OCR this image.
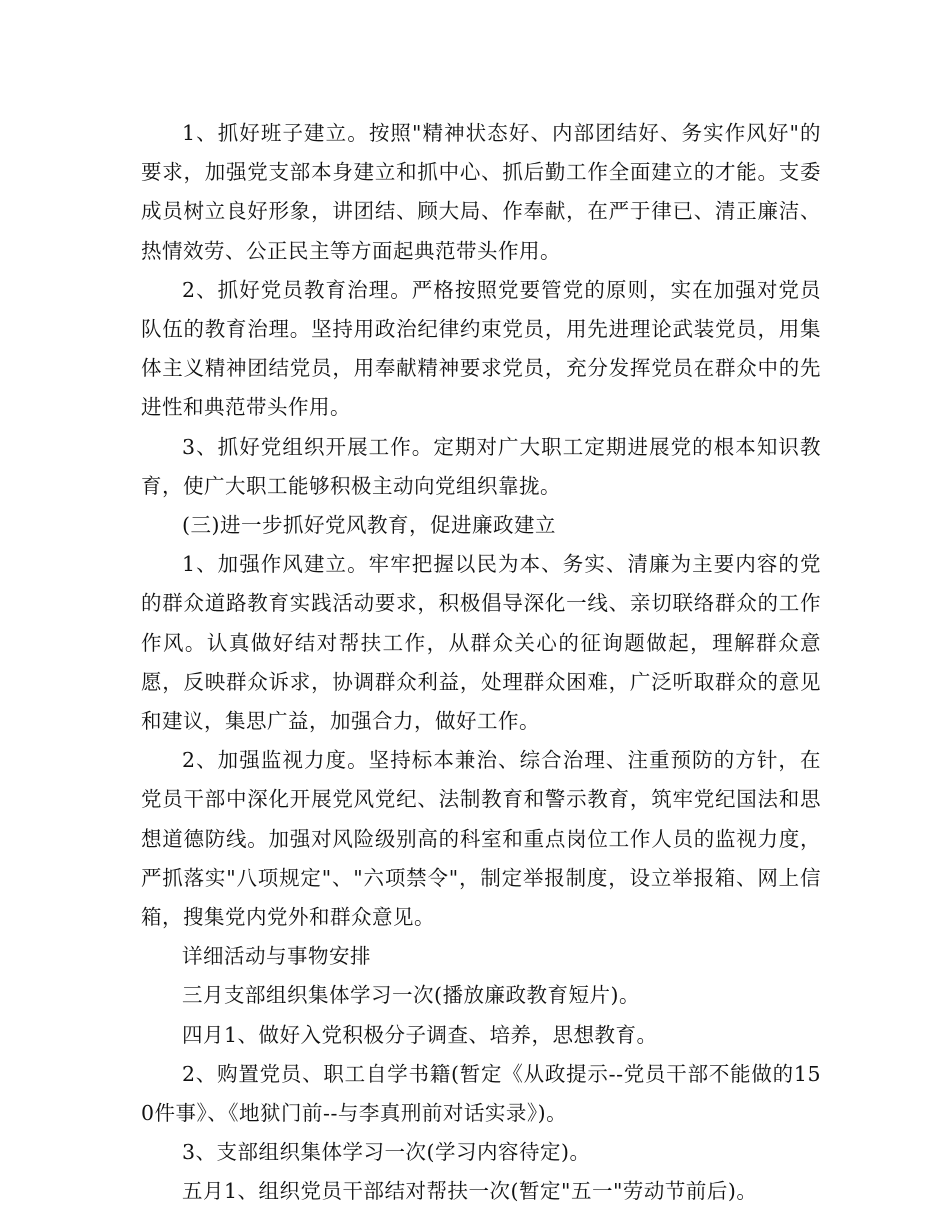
1、抓好班子建立。按照"精神状态好、内部团结好、务实作风好"的要求，加强党支部本身建立和抓中心、抓后勤工作全面建立的才能。支委成员树立良好形象，讲团结、顾大局、作奉献，在严于律已、清正廉洁、热情效劳、公正民主等方面起典范带头作用。

2、抓好党员教育治理。严格按照党要管党的原则，实在加强对党员队伍的教育治理。坚持用政治纪律约束党员，用先进理论武装党员，用集体主义精神团结党员，用奉献精神要求党员，充分发挥党员在群众中的先进性和典范带头作用。

3、抓好党组织开展工作。定期对广大职工定期进展党的根本知识教育，使广大职工能够积极主动向党组织靠拢。

(三)进一步抓好党风教育，促进廉政建立

1、加强作风建立。牢牢把握以民为本、务实、清廉为主要内容的党的群众道路教育实践活动要求，积极倡导深化一线、亲切联络群众的工作作风。认真做好结对帮扶工作，从群众关心的征询题做起，理解群众意愿，反映群众诉求，协调群众利益，处理群众困难，广泛听取群众的意见和建议，集思广益，加强合力，做好工作。

2、加强监视力度。坚持标本兼治、综合治理、注重预防的方针，在党员干部中深化开展党风党纪、法制教育和警示教育，筑牢党纪国法和思想道德防线。加强对风险级别高的科室和重点岗位工作人员的监视力度，严抓落实"八项规定"、"六项禁令"，制定举报制度，设立举报箱、网上信箱，搜集党内党外和群众意见。

详细活动与事物安排

三月支部组织集体学习一次(播放廉政教育短片)。

四月1、做好入党积极分子调查、培养，思想教育。

2、购置党员、职工自学书籍(暂定《从政提示--党员干部不能做的150件事》、《地狱门前--与李真刑前对话实录》)。

3、支部组织集体学习一次(学习内容待定)。

五月1、组织党员干部结对帮扶一次(暂定"五一"劳动节前后)。
